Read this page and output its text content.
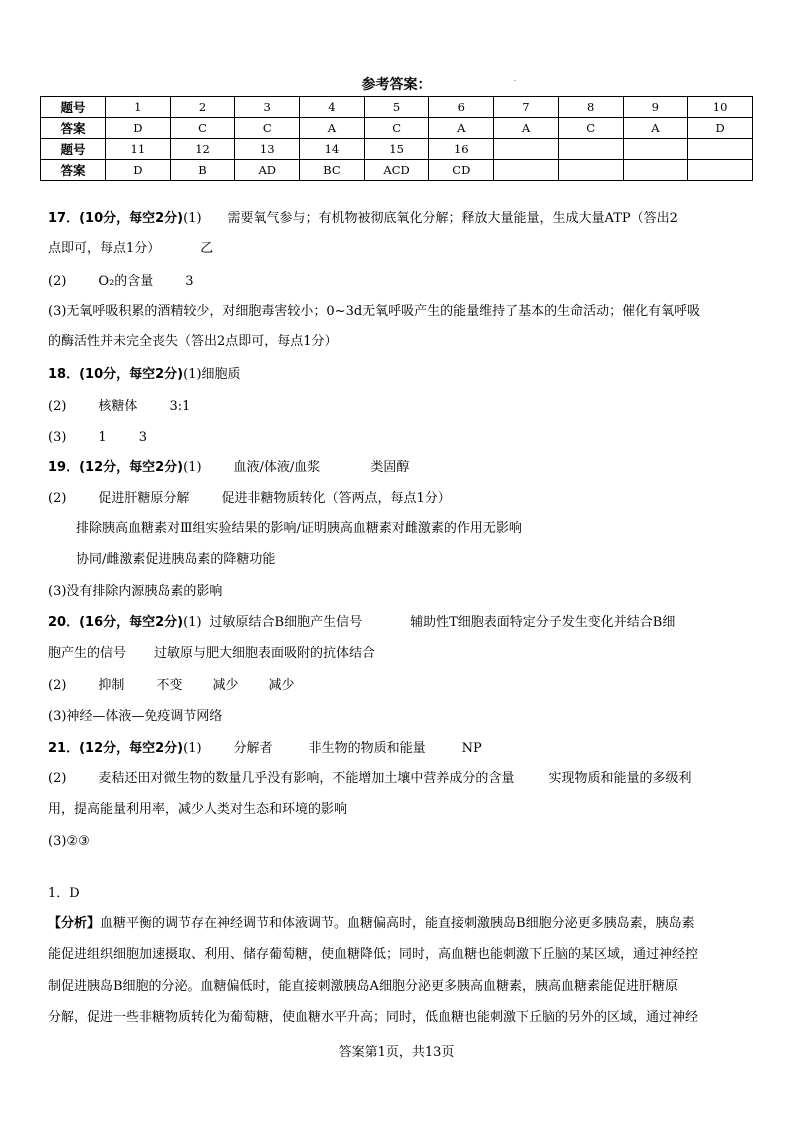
参考答案：	·
题号	1	2	3	4	5	6	7	8	9	10
答案	D	C	C	A	C	A	A	C	A	D
题号	11	12	13	14	15	16				
答案	D	B	AD	BC	ACD	CD				
17．(10分，每空2分)(1) 需要氧气参与；有机物被彻底氧化分解；释放大量能量，生成大量ATP（答出2
点即可，每点1分）	乙
(2) O₂的含量 3
(3)无氧呼吸积累的酒精较少，对细胞毒害较小；0~3d无氧呼吸产生的能量维持了基本的生命活动；催化有氧呼吸
的酶活性并未完全丧失（答出2点即可，每点1分）
18．(10分，每空2分)(1)细胞质
(2) 核糖体 3:1
(3) 1 3
19．(12分，每空2分)(1) 血液/体液/血浆	类固醇
(2) 促进肝糖原分解 促进非糖物质转化（答两点，每点1分）
排除胰高血糖素对Ⅲ组实验结果的影响/证明胰高血糖素对雌激素的作用无影响
协同/雌激素促进胰岛素的降糖功能
(3)没有排除内源胰岛素的影响
20．(16分，每空2分)(1) 过敏原结合B细胞产生信号	辅助性T细胞表面特定分子发生变化并结合B细
胞产生的信号 过敏原与肥大细胞表面吸附的抗体结合
(2) 抑制 不变 减少 减少
(3)神经—体液—免疫调节网络
21．(12分，每空2分)(1) 分解者	非生物的物质和能量	NP
(2) 麦秸还田对微生物的数量几乎没有影响，不能增加土壤中营养成分的含量	实现物质和能量的多级利
用，提高能量利用率，减少人类对生态和环境的影响
(3)②③
1．D
【分析】血糖平衡的调节存在神经调节和体液调节。血糖偏高时，能直接刺激胰岛B细胞分泌更多胰岛素，胰岛素
能促进组织细胞加速摄取、利用、储存葡萄糖，使血糖降低；同时，高血糖也能刺激下丘脑的某区域，通过神经控
制促进胰岛B细胞的分泌。血糖偏低时，能直接刺激胰岛A细胞分泌更多胰高血糖素，胰高血糖素能促进肝糖原
分解，促进一些非糖物质转化为葡萄糖，使血糖水平升高；同时，低血糖也能刺激下丘脑的另外的区域，通过神经
答案第1页，共13页
